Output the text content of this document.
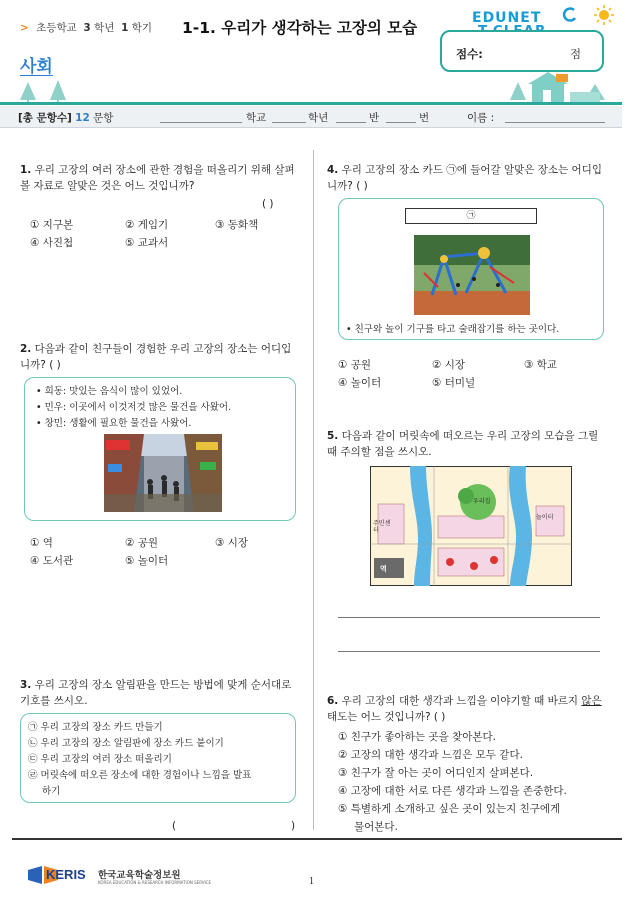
> 초등학교 3 학년 1 학기 1-1. 우리가 생각하는 고장의 모습
사회
EDUNET
점수:	점
[총 문항수] 12 문항	학교	학년	반	번	이름 :
1. 우리 고장의 여러 장소에 관한 경험을 떠올리기 위해 살펴볼 자료로 알맞은 것은 어느 것입니까?
( )
① 지구본	② 게임기	③ 동화책
④ 사진첩	⑤ 교과서
2. 다음과 같이 친구들이 경험한 우리 고장의 장소는 어디입니까? ( )
• 희동: 맛있는 음식이 많이 있었어.
• 민우: 이곳에서 이것저것 많은 물건을 사왔어.
• 창민: 생활에 필요한 물건을 사왔어.
① 역	② 공원	③ 시장
④ 도서관	⑤ 놀이터
3. 우리 고장의 장소 알림판을 만드는 방법에 맞게 순서대로 기호를 쓰시오.
㉠ 우리 고장의 장소 카드 만들기
㉡ 우리 고장의 장소 알림판에 장소 카드 붙이기
㉢ 우리 고장의 여러 장소 떠올리기
㉣ 머릿속에 떠오른 장소에 대한 경험이나 느낌을 발표
하기
(	)
4. 우리 고장의 장소 카드 ㉠에 들어갈 알맞은 장소는 어디입니까? ( )
㉠
• 친구와 놀이 기구를 타고 술래잡기를 하는 곳이다.
① 공원	② 시장	③ 학교
④ 놀이터	⑤ 터미널
5. 다음과 같이 머릿속에 떠오르는 우리 고장의 모습을 그릴 때 주의할 점을 쓰시오.
주민센터
우리집
놀이터
역
6. 우리 고장의 대한 생각과 느낌을 이야기할 때 바르지 않은 태도는 어느 것입니까? ( )
① 친구가 좋아하는 곳을 찾아본다.
② 고장의 대한 생각과 느낌은 모두 같다.
③ 친구가 잘 아는 곳이 어디인지 살펴본다.
④ 고장에 대한 서로 다른 생각과 느낌을 존중한다.
⑤ 특별하게 소개하고 싶은 곳이 있는지 친구에게
물어본다.
KERIS 한국교육학술정보원
KOREA EDUCATION & RESEARCH INFORMATION SERVICE	1
